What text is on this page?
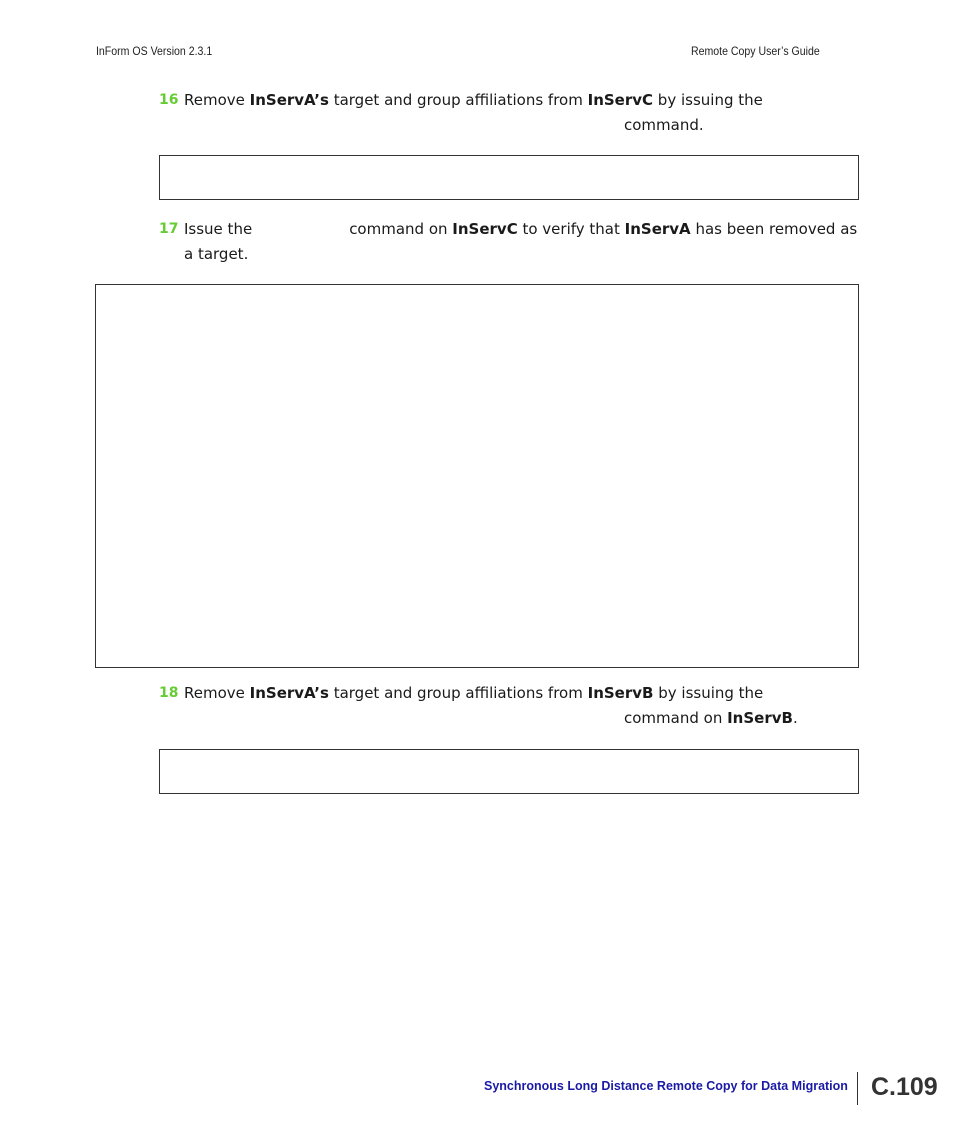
InForm OS Version 2.3.1	Remote Copy User’s Guide
16 Remove InServA’s target and group affiliations from InServC by issuing the
command.
17 Issue the	command on InServC to verify that InServA has been removed as a target.
18 Remove InServA’s target and group affiliations from InServB by issuing the
command on InServB.
Synchronous Long Distance Remote Copy for Data Migration C.109
